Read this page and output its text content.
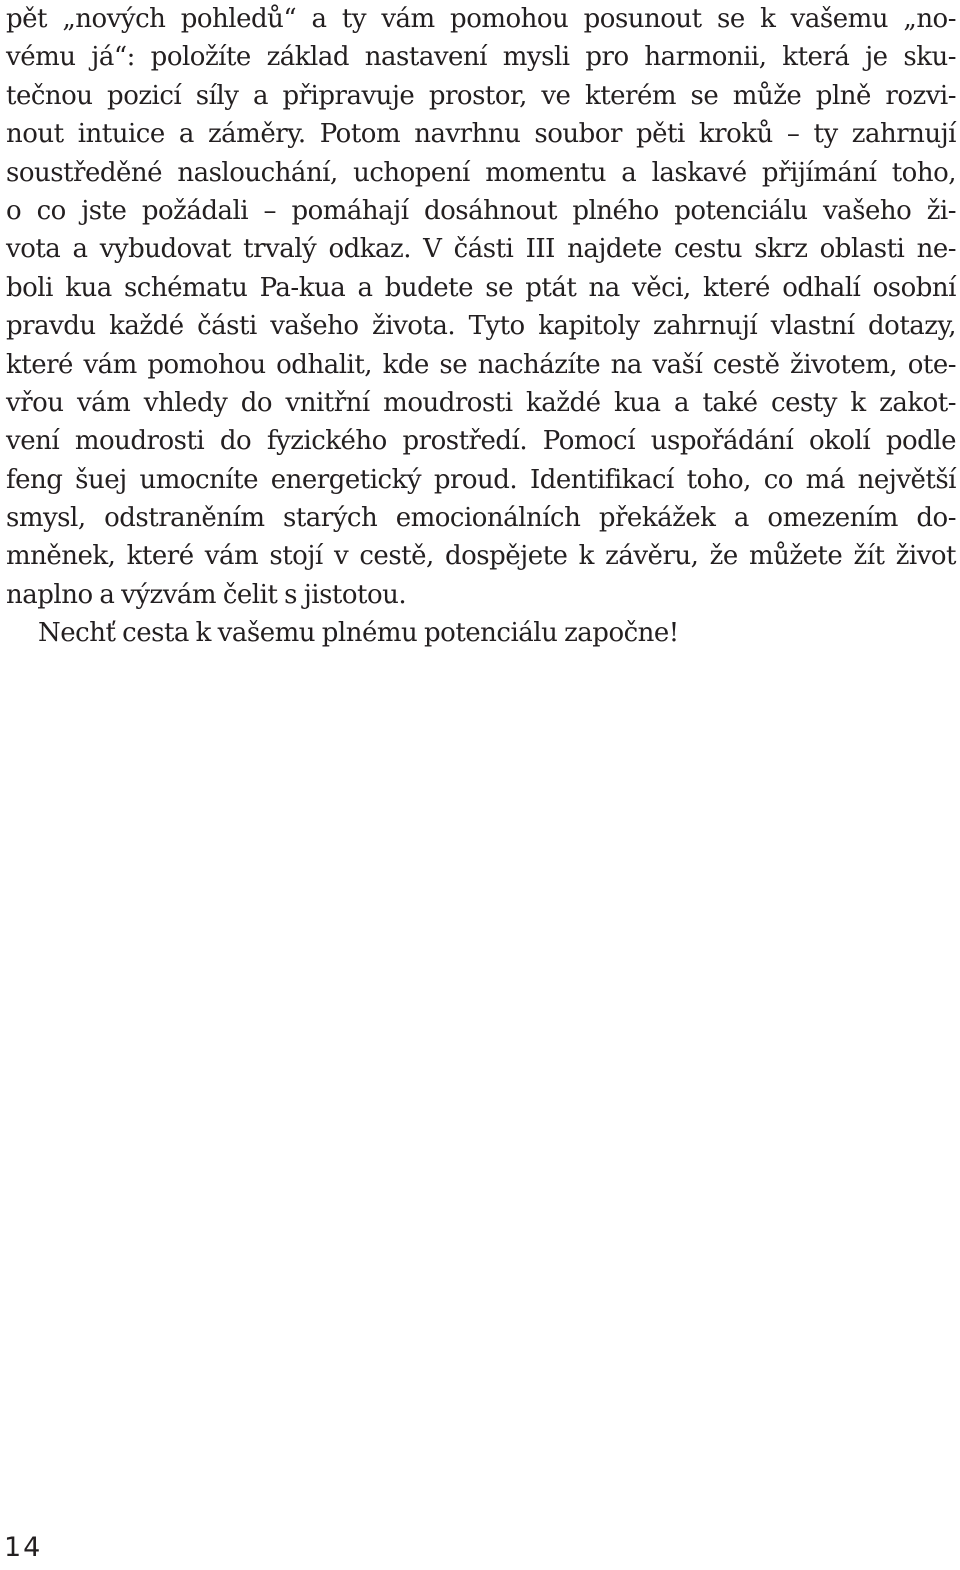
pět „nových pohledů“ a ty vám pomohou posunout se k vašemu „no-
vému já“: položíte základ nastavení mysli pro harmonii, která je sku-
tečnou pozicí síly a připravuje prostor, ve kterém se může plně rozvi-
nout intuice a záměry. Potom navrhnu soubor pěti kroků – ty zahrnují
soustředěné naslouchání, uchopení momentu a laskavé přijímání toho,
o co jste požádali – pomáhají dosáhnout plného potenciálu vašeho ži-
vota a vybudovat trvalý odkaz. V části III najdete cestu skrz oblasti ne-
boli kua schématu Pa-kua a budete se ptát na věci, které odhalí osobní
pravdu každé části vašeho života. Tyto kapitoly zahrnují vlastní dotazy,
které vám pomohou odhalit, kde se nacházíte na vaší cestě životem, ote-
vřou vám vhledy do vnitřní moudrosti každé kua a také cesty k zakot-
vení moudrosti do fyzického prostředí. Pomocí uspořádání okolí podle
feng šuej umocníte energetický proud. Identifikací toho, co má největší
smysl, odstraněním starých emocionálních překážek a omezením do-
mněnek, které vám stojí v cestě, dospějete k závěru, že můžete žít život
naplno a výzvám čelit s jistotou.
Nechť cesta k vašemu plnému potenciálu započne!
14
